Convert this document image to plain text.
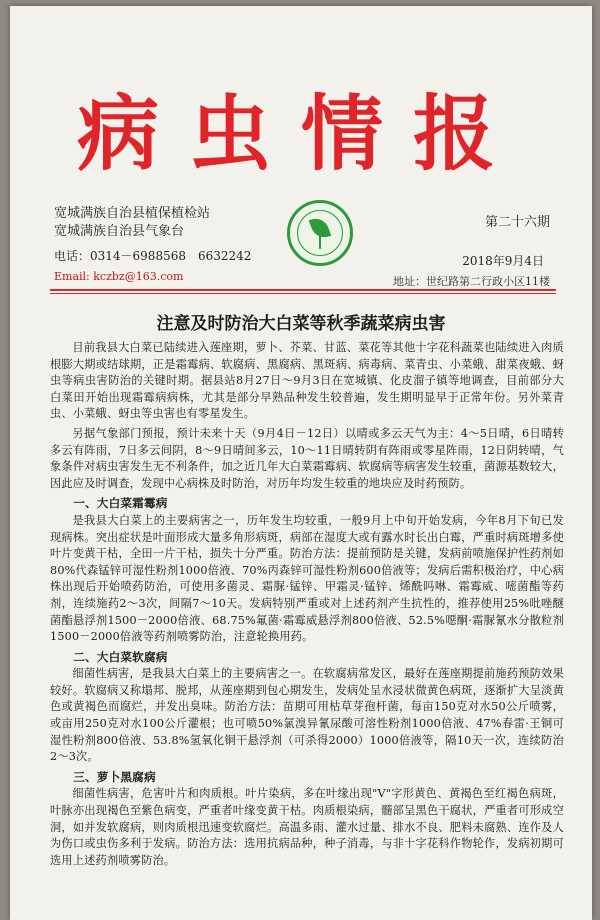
病虫情报
宽城满族自治县植保植检站
宽城满族自治县气象台
电话：0314－6988568　6632242
Email: kczbz@163.com
第二十六期
2018年9月4日
地址：世纪路第二行政小区11楼
注意及时防治大白菜等秋季蔬菜病虫害

目前我县大白菜已陆续进入莲座期，萝卜、芥菜、甘蓝、菜花等其他十字花科蔬菜也陆续进入肉质根膨大期或结球期，正是霜霉病、软腐病、黑腐病、黑斑病、病毒病、菜青虫、小菜蛾、甜菜夜蛾、蚜虫等病虫害防治的关键时期。据县站8月27日～9月3日在宽城镇、化皮溜子镇等地调查，目前部分大白菜田开始出现霜霉病病株，尤其是部分早熟品种发生较普遍，发生期明显早于正常年份。另外菜青虫、小菜蛾、蚜虫等虫害也有零星发生。

另据气象部门预报，预计未来十天（9月4日－12日）以晴或多云天气为主：4～5日晴，6日晴转多云有阵雨，7日多云间阴，8～9日晴间多云，10～11日晴转阴有阵雨或零星阵雨，12日阴转晴，气象条件对病虫害发生无不利条件，加之近几年大白菜霜霉病、软腐病等病害发生较重，菌源基数较大，因此应及时调查，发现中心病株及时防治，对历年均发生较重的地块应及时药预防。

一、大白菜霜霉病

是我县大白菜上的主要病害之一，历年发生均较重，一般9月上中旬开始发病，今年8月下旬已发现病株。突出症状是叶面形成大量多角形病斑，病部在湿度大或有露水时长出白霉，严重时病斑增多使叶片变黄干枯，全田一片干枯，损失十分严重。防治方法：提前预防是关键，发病前喷施保护性药剂如80%代森锰锌可湿性粉剂1000倍液、70%丙森锌可湿性粉剂600倍液等；发病后需积极治疗，中心病株出现后开始喷药防治，可使用多菌灵、霜脲·锰锌、甲霜灵·锰锌、烯酰吗啉、霜霉威、嘧菌酯等药剂，连续施药2～3次，间隔7～10天。发病特别严重或对上述药剂产生抗性的，推荐使用25%吡唑醚菌酯悬浮剂1500－2000倍液、68.75%氟菌·霜霉威悬浮剂800倍液、52.5%噁酮·霜脲氰水分散粒剂1500－2000倍液等药剂喷雾防治，注意轮换用药。

二、大白菜软腐病

细菌性病害，是我县大白菜上的主要病害之一。在软腐病常发区，最好在莲座期提前施药预防效果较好。软腐病又称塌邦、脱邦，从莲座期到包心期发生，发病处呈水浸状微黄色病斑，逐渐扩大呈淡黄色或黄褐色而腐烂，并发出臭味。防治方法：苗期可用枯草芽孢杆菌，每亩150克对水50公斤喷雾，或亩用250克对水100公斤灌根；也可喷50%氯溴异氰尿酸可溶性粉剂1000倍液、47%春雷·王铜可湿性粉剂800倍液、53.8%氢氧化铜干悬浮剂（可杀得2000）1000倍液等，隔10天一次，连续防治2～3次。

三、萝卜黑腐病

细菌性病害，危害叶片和肉质根。叶片染病，多在叶缘出现"V"字形黄色、黄褐色至红褐色病斑，叶脉亦出现褐色至紫色病变，严重者叶缘变黄干枯。肉质根染病，髓部呈黑色干腐状，严重者可形成空洞，如并发软腐病，则肉质根迅速变软腐烂。高温多雨、灌水过量、排水不良、肥料未腐熟、连作及人为伤口或虫伤多利于发病。防治方法：选用抗病品种，种子消毒，与非十字花科作物轮作，发病初期可选用上述药剂喷雾防治。
